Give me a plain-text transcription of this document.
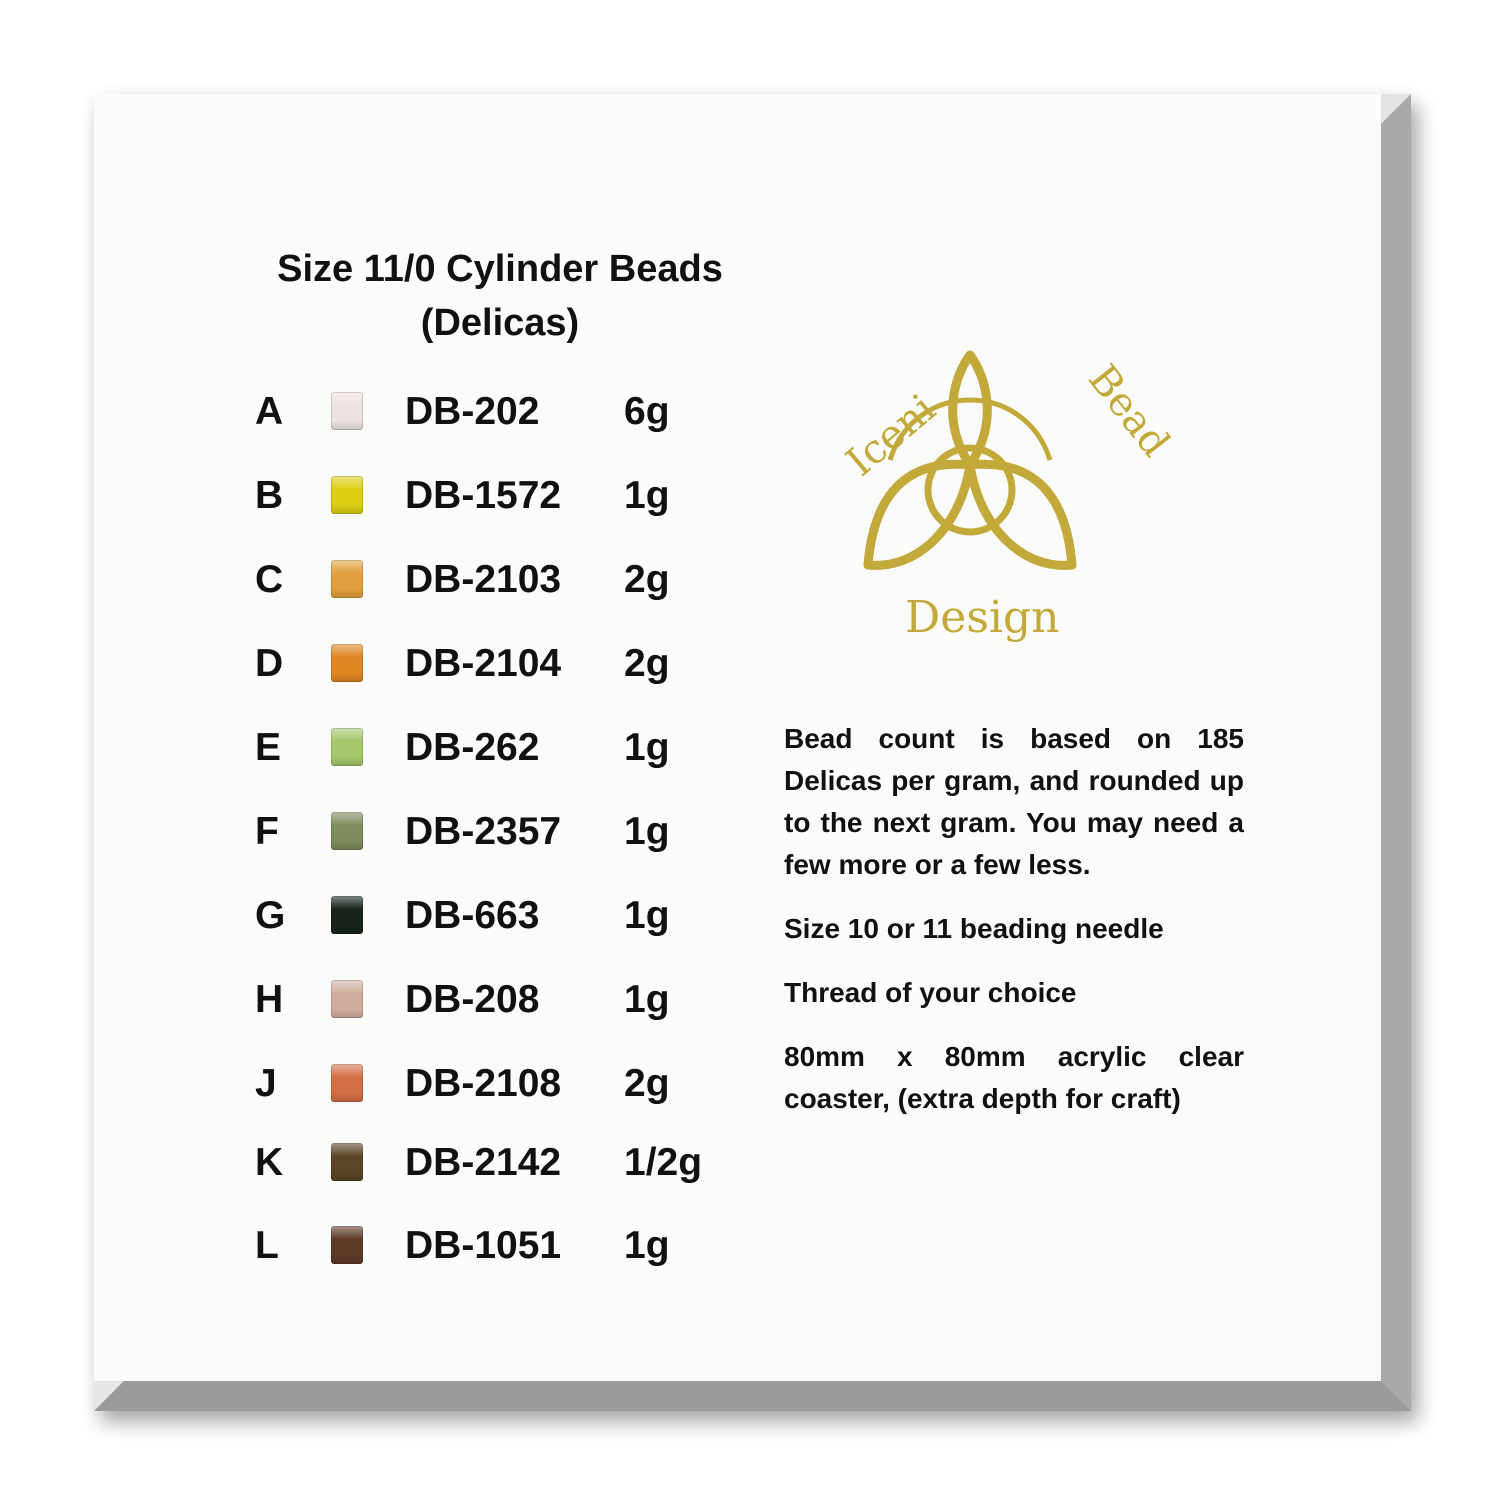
Size 11/0 Cylinder Beads
(Delicas)
A	DB-202 6g
B	DB-1572 1g
C	DB-2103 2g
D	DB-2104 2g
E	DB-262 1g
F	DB-2357 1g
G	DB-663 1g
H	DB-208 1g
J	DB-2108 2g
K	DB-2142 1/2g
L	DB-1051 1g
Iceni	Bead
Design

Bead count is based on 185 Delicas per gram, and rounded up to the next gram. You may need a few more or a few less.

Size 10 or 11 beading needle

Thread of your choice

80mm x 80mm acrylic clear coaster, (extra depth for craft)
